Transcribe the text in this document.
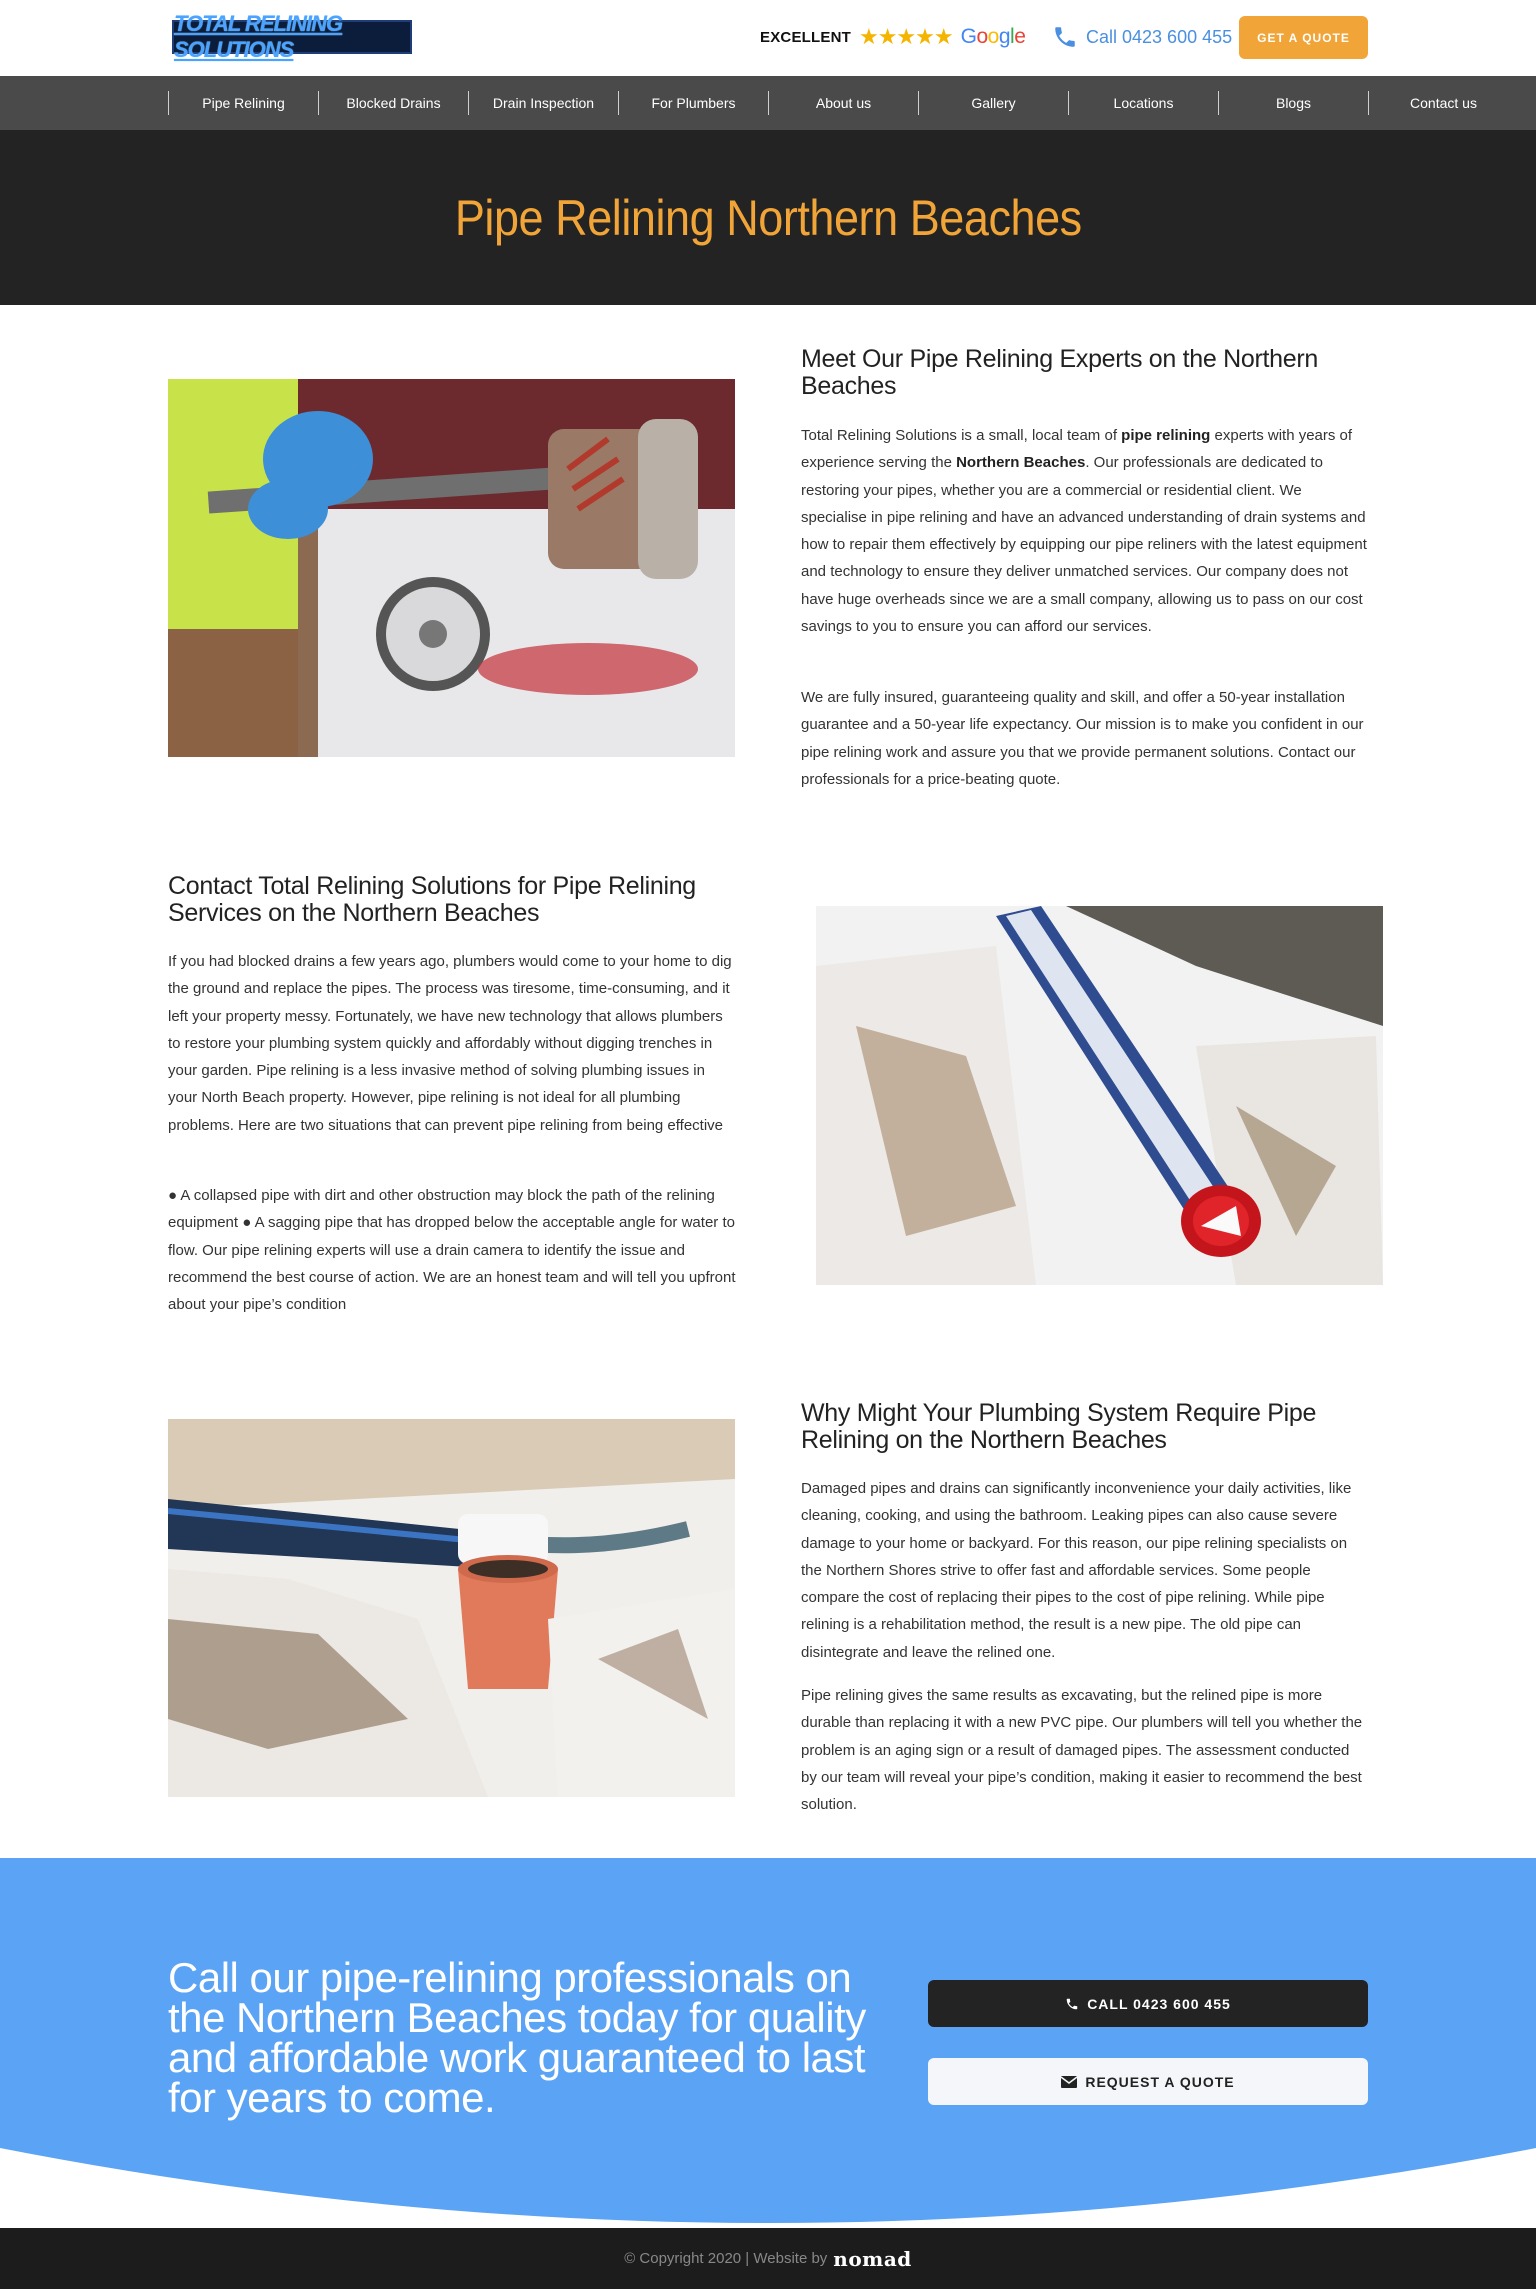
TOTAL RELINING SOLUTIONS	EXCELLENT ★★★★★ Google	Call 0423 600 455	GET A QUOTE
Pipe Relining	Blocked Drains	Drain Inspection	For Plumbers	About us	Gallery	Locations	Blogs	Contact us
Pipe Relining Northern Beaches
Meet Our Pipe Relining Experts on the Northern Beaches
Total Relining Solutions is a small, local team of pipe relining experts with years of experience serving the Northern Beaches. Our professionals are dedicated to restoring your pipes, whether you are a commercial or residential client. We specialise in pipe relining and have an advanced understanding of drain systems and how to repair them effectively by equipping our pipe reliners with the latest equipment and technology to ensure they deliver unmatched services. Our company does not have huge overheads since we are a small company, allowing us to pass on our cost savings to you to ensure you can afford our services.
We are fully insured, guaranteeing quality and skill, and offer a 50-year installation guarantee and a 50-year life expectancy. Our mission is to make you confident in our pipe relining work and assure you that we provide permanent solutions. Contact our professionals for a price-beating quote.
Contact Total Relining Solutions for Pipe Relining Services on the Northern Beaches
If you had blocked drains a few years ago, plumbers would come to your home to dig the ground and replace the pipes. The process was tiresome, time-consuming, and it left your property messy. Fortunately, we have new technology that allows plumbers to restore your plumbing system quickly and affordably without digging trenches in your garden. Pipe relining is a less invasive method of solving plumbing issues in your North Beach property. However, pipe relining is not ideal for all plumbing problems. Here are two situations that can prevent pipe relining from being effective
● A collapsed pipe with dirt and other obstruction may block the path of the relining equipment ● A sagging pipe that has dropped below the acceptable angle for water to flow. Our pipe relining experts will use a drain camera to identify the issue and recommend the best course of action. We are an honest team and will tell you upfront about your pipe’s condition
Why Might Your Plumbing System Require Pipe Relining on the Northern Beaches
Damaged pipes and drains can significantly inconvenience your daily activities, like cleaning, cooking, and using the bathroom. Leaking pipes can also cause severe damage to your home or backyard. For this reason, our pipe relining specialists on the Northern Shores strive to offer fast and affordable services. Some people compare the cost of replacing their pipes to the cost of pipe relining. While pipe relining is a rehabilitation method, the result is a new pipe. The old pipe can disintegrate and leave the relined one.
Pipe relining gives the same results as excavating, but the relined pipe is more durable than replacing it with a new PVC pipe. Our plumbers will tell you whether the problem is an aging sign or a result of damaged pipes. The assessment conducted by our team will reveal your pipe’s condition, making it easier to recommend the best solution.
Call our pipe-relining professionals on the Northern Beaches today for quality and affordable work guaranteed to last for years to come.
CALL 0423 600 455
REQUEST A QUOTE
© Copyright 2020 | Website by nomad
